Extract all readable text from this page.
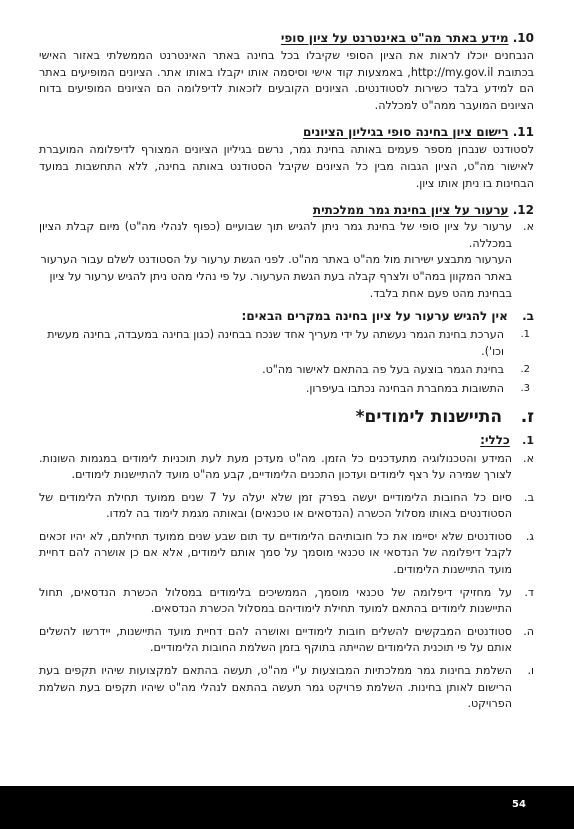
10. מידע באתר מה"ט באינטרנט על ציון סופי

הנבחנים יוכלו לראות את הציון הסופי שקיבלו בכל בחינה באתר האינטרנט הממשלתי באזור האישי בכתובת http://my.gov.il, באמצעות קוד אישי וסיסמה אותו יקבלו באותו אתר. הציונים המופיעים באתר הם למידע בלבד כשירות לסטודנטים. הציונים הקובעים לזכאות לדיפלומה הם הציונים המופיעים בדוח הציונים המועבר ממה"ט למכללה.

11. רישום ציון בחינה סופי בגיליון הציונים

לסטודנט שנבחן מספר פעמים באותה בחינת גמר, נרשם בגיליון הציונים המצורף לדיפלומה המועברת לאישור מה"ט, הציון הגבוה מבין כל הציונים שקיבל הסטודנט באותה בחינה, ללא התחשבות במועד הבחינות בו ניתן אותו ציון.

12. ערעור על ציון בחינת גמר ממלכתית

א.
ערעור על ציון סופי של בחינת גמר ניתן להגיש תוך שבועיים (כפוף לנהלי מה"ט) מיום קבלת הציון במכללה.
הערעור מתבצע ישירות מול מה"ט באתר מה"ט. לפני הגשת ערעור על הסטודנט לשלם עבור הערעור באתר המקוון במה"ט ולצרף קבלה בעת הגשת הערעור. על פי נהלי מהט ניתן להגיש ערעור על ציון בבחינת מהט פעם אחת בלבד.

ב. אין להגיש ערעור על ציון בחינה במקרים הבאים:

1.
הערכת בחינת הגמר נעשתה על ידי מעריך אחד שנכח בבחינה (כגון בחינה במעבדה, בחינה מעשית וכו').
2.
בחינת הגמר בוצעה בעל פה בהתאם לאישור מה"ט.
3.
התשובות במחברת הבחינה נכתבו בעיפרון.

ז. התיישנות לימודים*

1. כללי:

א.
המידע והטכנולוגיה מתעדכנים כל הזמן. מה"ט מעדכן מעת לעת תוכניות לימודים במגמות השונות. לצורך שמירה על רצף לימודים ועדכון התכנים הלימודיים, קבע מה"ט מועד להתיישנות לימודים.
ב.
סיום כל החובות הלימודיים יעשה בפרק זמן שלא יעלה על 7 שנים ממועד תחילת הלימודים של הסטודנטים באותו מסלול הכשרה (הנדסאים או טכנאים) ובאותה מגמת לימוד בה למדו.
ג.
סטודנטים שלא יסיימו את כל חובותיהם הלימודיים עד תום שבע שנים ממועד תחילתם, לא יהיו זכאים לקבל דיפלומה של הנדסאי או טכנאי מוסמך על סמך אותם לימודים, אלא אם כן אושרה להם דחיית מועד התיישנות הלימודים.
ד.
על מחזיקי דיפלומה של טכנאי מוסמך, הממשיכים בלימודים במסלול הכשרת הנדסאים, תחול התיישנות לימודים בהתאם למועד תחילת לימודיהם במסלול הכשרת הנדסאים.
ה.
סטודנטים המבקשים להשלים חובות לימודיים ואושרה להם דחיית מועד התיישנות, יידרשו להשלים אותם על פי תוכנית הלימודים שהייתה בתוקף בזמן השלמת החובות הלימודיים.
ו.
השלמת בחינות גמר ממלכתיות המבוצעות ע"י מה"ט, תעשה בהתאם למקצועות שיהיו תקפים בעת הרישום לאותן בחינות. השלמת פרויקט גמר תעשה בהתאם לנהלי מה"ט שיהיו תקפים בעת השלמת הפרויקט.
54
